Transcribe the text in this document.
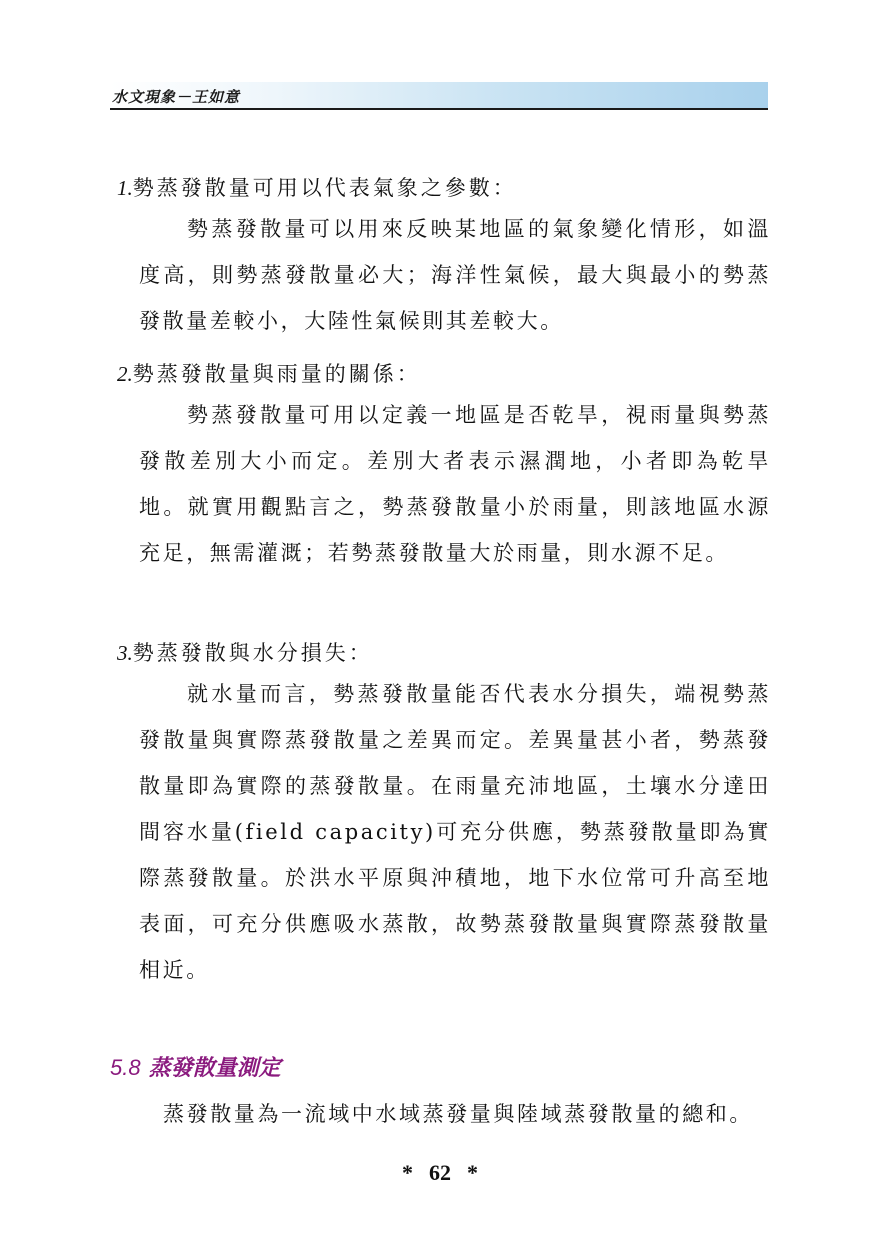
水文現象－王如意
1.勢蒸發散量可用以代表氣象之參數：

勢蒸發散量可以用來反映某地區的氣象變化情形，如溫度高，則勢蒸發散量必大；海洋性氣候，最大與最小的勢蒸發散量差較小，大陸性氣候則其差較大。

2.勢蒸發散量與雨量的關係：

勢蒸發散量可用以定義一地區是否乾旱，視雨量與勢蒸發散差別大小而定。差別大者表示濕潤地，小者即為乾旱地。就實用觀點言之，勢蒸發散量小於雨量，則該地區水源充足，無需灌溉；若勢蒸發散量大於雨量，則水源不足。

3.勢蒸發散與水分損失：

就水量而言，勢蒸發散量能否代表水分損失，端視勢蒸發散量與實際蒸發散量之差異而定。差異量甚小者，勢蒸發散量即為實際的蒸發散量。在雨量充沛地區，土壤水分達田間容水量(field capacity)可充分供應，勢蒸發散量即為實際蒸發散量。於洪水平原與沖積地，地下水位常可升高至地表面，可充分供應吸水蒸散，故勢蒸發散量與實際蒸發散量相近。

5.8 蒸發散量測定
蒸發散量為一流域中水域蒸發量與陸域蒸發散量的總和。
* 62 *
